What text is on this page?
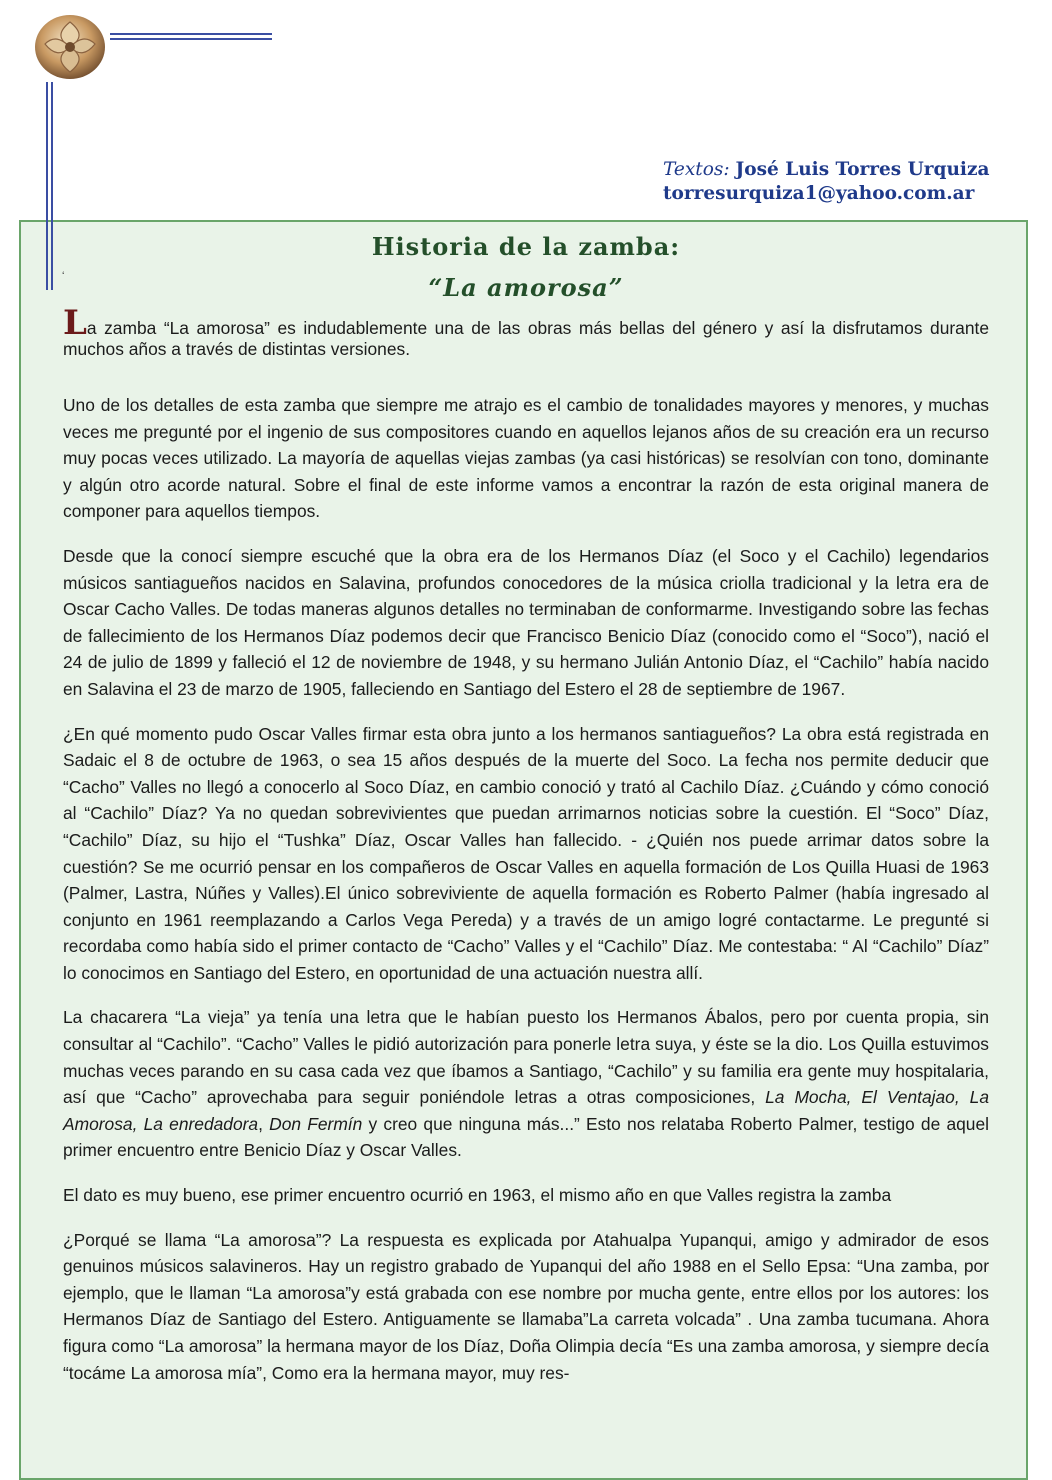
Textos: José Luis Torres Urquiza
torresurquiza1@yahoo.com.ar
Historia de la zamba:
“La amorosa”
‘

La zamba “La amorosa” es indudablemente una de las obras más bellas del género y así la disfrutamos durante muchos años a través de distintas versiones.

Uno de los detalles de esta zamba que siempre me atrajo es el cambio de tonalidades mayores y menores, y muchas veces me pregunté por el ingenio de sus compositores cuando en aquellos lejanos años de su creación era un recurso muy pocas veces utilizado. La mayoría de aquellas viejas zambas (ya casi históricas) se resolvían con tono, dominante y algún otro acorde natural. Sobre el final de este informe vamos a encontrar la razón de esta original manera de componer para aquellos tiempos.

Desde que la conocí siempre escuché que la obra era de los Hermanos Díaz (el Soco y el Cachilo) legendarios músicos santiagueños nacidos en Salavina, profundos conocedores de la música criolla tradicional y la letra era de Oscar Cacho Valles. De todas maneras algunos detalles no terminaban de conformarme. Investigando sobre las fechas de fallecimiento de los Hermanos Díaz podemos decir que Francisco Benicio Díaz (conocido como el “Soco”), nació el 24 de julio de 1899 y falleció el 12 de noviembre de 1948, y su hermano Julián Antonio Díaz, el “Cachilo” había nacido en Salavina el 23 de marzo de 1905, falleciendo en Santiago del Estero el 28 de septiembre de 1967.

¿En qué momento pudo Oscar Valles firmar esta obra junto a los hermanos santiagueños? La obra está registrada en Sadaic el 8 de octubre de 1963, o sea 15 años después de la muerte del Soco. La fecha nos permite deducir que “Cacho” Valles no llegó a conocerlo al Soco Díaz, en cambio conoció y trató al Cachilo Díaz. ¿Cuándo y cómo conoció al “Cachilo” Díaz? Ya no quedan sobrevivientes que puedan arrimarnos noticias sobre la cuestión. El “Soco” Díaz, “Cachilo” Díaz, su hijo el “Tushka” Díaz, Oscar Valles han fallecido. - ¿Quién nos puede arrimar datos sobre la cuestión? Se me ocurrió pensar en los compañeros de Oscar Valles en aquella formación de Los Quilla Huasi de 1963 (Palmer, Lastra, Núñes y Valles).El único sobreviviente de aquella formación es Roberto Palmer (había ingresado al conjunto en 1961 reemplazando a Carlos Vega Pereda) y a través de un amigo logré contactarme. Le pregunté si recordaba como había sido el primer contacto de “Cacho” Valles y el “Cachilo” Díaz. Me contestaba: “ Al “Cachilo” Díaz” lo conocimos en Santiago del Estero, en oportunidad de una actuación nuestra allí.

La chacarera “La vieja” ya tenía una letra que le habían puesto los Hermanos Ábalos, pero por cuenta propia, sin consultar al “Cachilo”. “Cacho” Valles le pidió autorización para ponerle letra suya, y éste se la dio. Los Quilla estuvimos muchas veces parando en su casa cada vez que íbamos a Santiago, “Cachilo” y su familia era gente muy hospitalaria, así que “Cacho” aprovechaba para seguir poniéndole letras a otras composiciones, La Mocha, El Ventajao, La Amorosa, La enredadora, Don Fermín y creo que ninguna más...” Esto nos relataba Roberto Palmer, testigo de aquel primer encuentro entre Benicio Díaz y Oscar Valles.

El dato es muy bueno, ese primer encuentro ocurrió en 1963, el mismo año en que Valles registra la zamba

¿Porqué se llama “La amorosa”? La respuesta es explicada por Atahualpa Yupanqui, amigo y admirador de esos genuinos músicos salavineros. Hay un registro grabado de Yupanqui del año 1988 en el Sello Epsa: “Una zamba, por ejemplo, que le llaman “La amorosa”y está grabada con ese nombre por mucha gente, entre ellos por los autores: los Hermanos Díaz de Santiago del Estero. Antiguamente se llamaba”La carreta volcada” . Una zamba tucumana. Ahora figura como “La amorosa” la hermana mayor de los Díaz, Doña Olimpia decía “Es una zamba amorosa, y siempre decía “tocáme La amorosa mía”, Como era la hermana mayor, muy res-
